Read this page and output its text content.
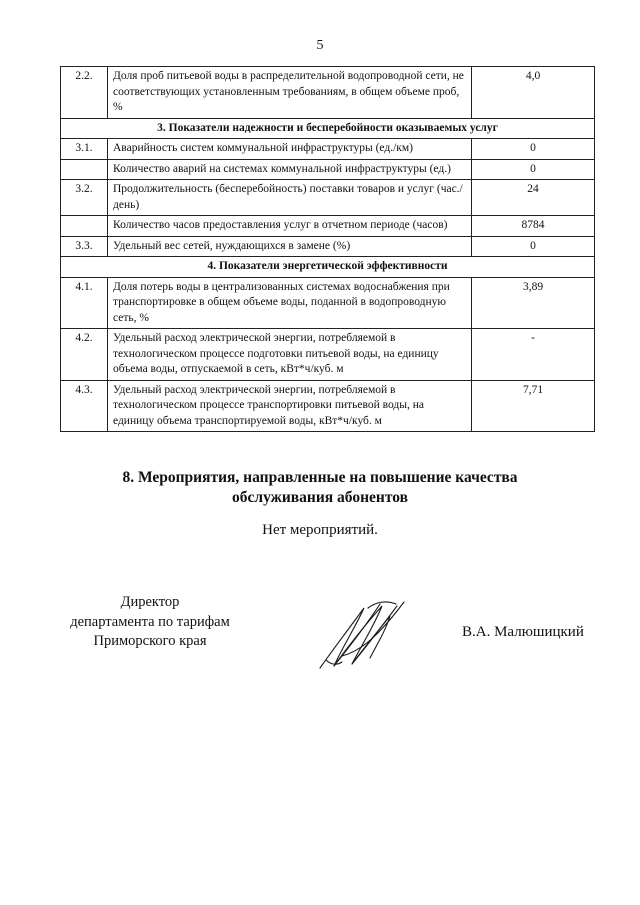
5
2.2.	Доля проб питьевой воды в распределительной водопроводной сети, не соответствующих установленным требованиям, в общем объеме проб, %	4,0
3. Показатели надежности и бесперебойности оказываемых услуг		
3.1.	Аварийность систем коммунальной инфраструктуры (ед./км)	0
	Количество аварий на системах коммунальной инфраструктуры (ед.)	0
3.2.	Продолжительность (бесперебойность) поставки товаров и услуг (час./день)	24
	Количество часов предоставления услуг в отчетном периоде (часов)	8784
3.3.	Удельный вес сетей, нуждающихся в замене (%)	0
4. Показатели энергетической эффективности		
4.1.	Доля потерь воды в централизованных системах водоснабжения при транспортировке в общем объеме воды, поданной в водопроводную сеть, %	3,89
4.2.	Удельный расход электрической энергии, потребляемой в технологическом процессе подготовки питьевой воды, на единицу объема воды, отпускаемой в сеть, кВт*ч/куб. м	-
4.3.	Удельный расход электрической энергии, потребляемой в технологическом процессе транспортировки питьевой воды, на единицу объема транспортируемой воды, кВт*ч/куб. м	7,71
8. Мероприятия, направленные на повышение качества
обслуживания абонентов
Нет мероприятий.
Директор
департамента по тарифам
Приморского края
В.А. Малюшицкий
